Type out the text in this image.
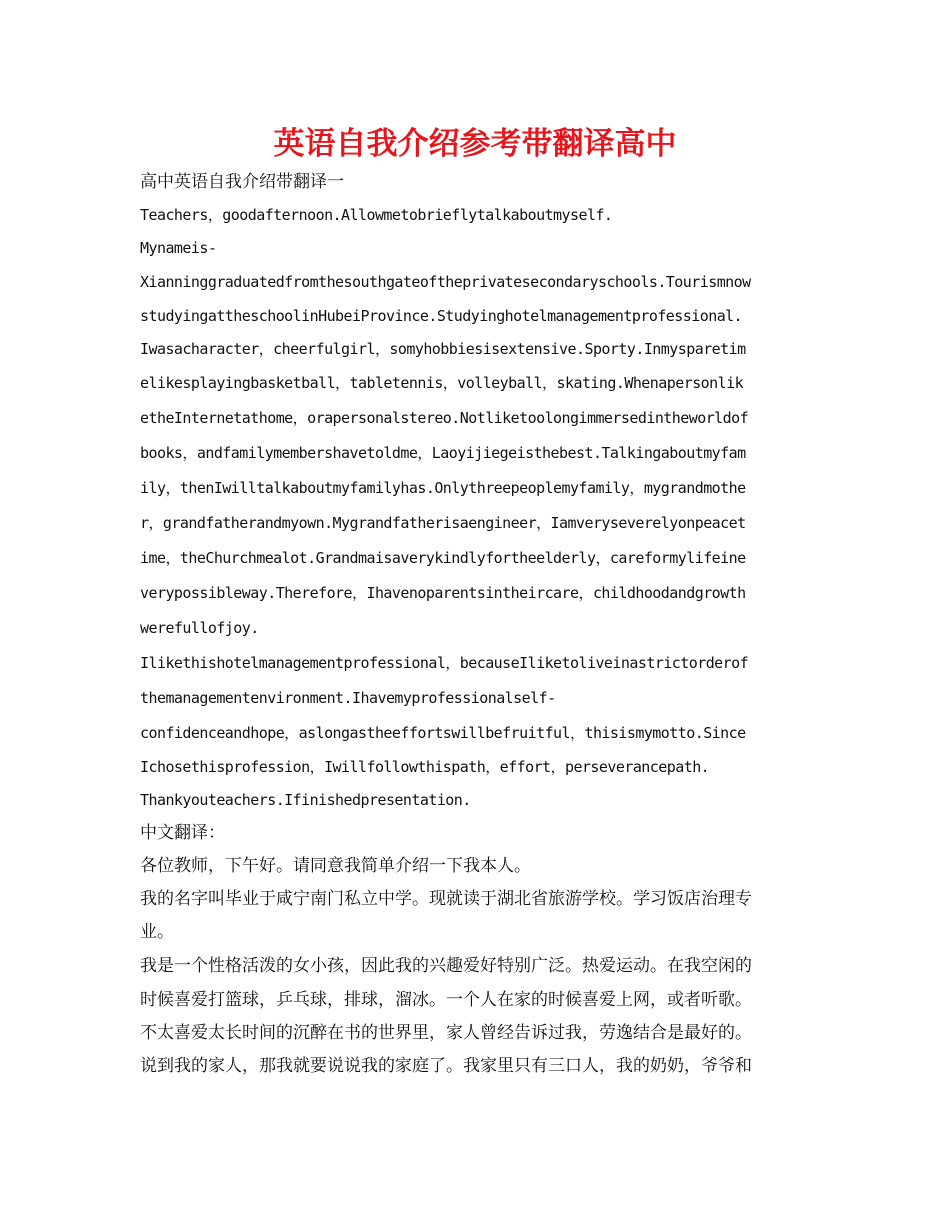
英语自我介绍参考带翻译高中
高中英语自我介绍带翻译一
Teachers，goodafternoon.Allowmetobrieflytalkaboutmyself.
Mynameis-
Xianninggraduatedfromthesouthgateoftheprivatesecondaryschools.Tourismnow
studyingattheschoolinHubeiProvince.Studyinghotelmanagementprofessional.
Iwasacharacter，cheerfulgirl，somyhobbiesisextensive.Sporty.Inmysparetim
elikesplayingbasketball，tabletennis，volleyball，skating.Whenapersonlik
etheInternetathome，orapersonalstereo.Notliketoolongimmersedintheworldof
books，andfamilymembershavetoldme，Laoyijiegeisthebest.Talkingaboutmyfam
ily，thenIwilltalkaboutmyfamilyhas.Onlythreepeoplemyfamily，mygrandmothe
r，grandfatherandmyown.Mygrandfatherisaengineer，Iamveryseverelyonpeacet
ime，theChurchmealot.Grandmaisaverykindlyfortheelderly，careformylifeine
verypossibleway.Therefore，Ihavenoparentsintheircare，childhoodandgrowth
werefullofjoy.
Ilikethishotelmanagementprofessional，becauseIliketoliveinastrictorderof
themanagementenvironment.Ihavemyprofessionalself-
confidenceandhope，aslongastheeffortswillbefruitful，thisismymotto.Since
Ichosethisprofession，Iwillfollowthispath，effort，perseverancepath.
Thankyouteachers.Ifinishedpresentation.
中文翻译：
各位教师，下午好。请同意我简单介绍一下我本人。
我的名字叫毕业于咸宁南门私立中学。现就读于湖北省旅游学校。学习饭店治理专
业。
我是一个性格活泼的女小孩，因此我的兴趣爱好特别广泛。热爱运动。在我空闲的
时候喜爱打篮球，乒乓球，排球，溜冰。一个人在家的时候喜爱上网，或者听歌。
不太喜爱太长时间的沉醉在书的世界里，家人曾经告诉过我，劳逸结合是最好的。
说到我的家人，那我就要说说我的家庭了。我家里只有三口人，我的奶奶，爷爷和
